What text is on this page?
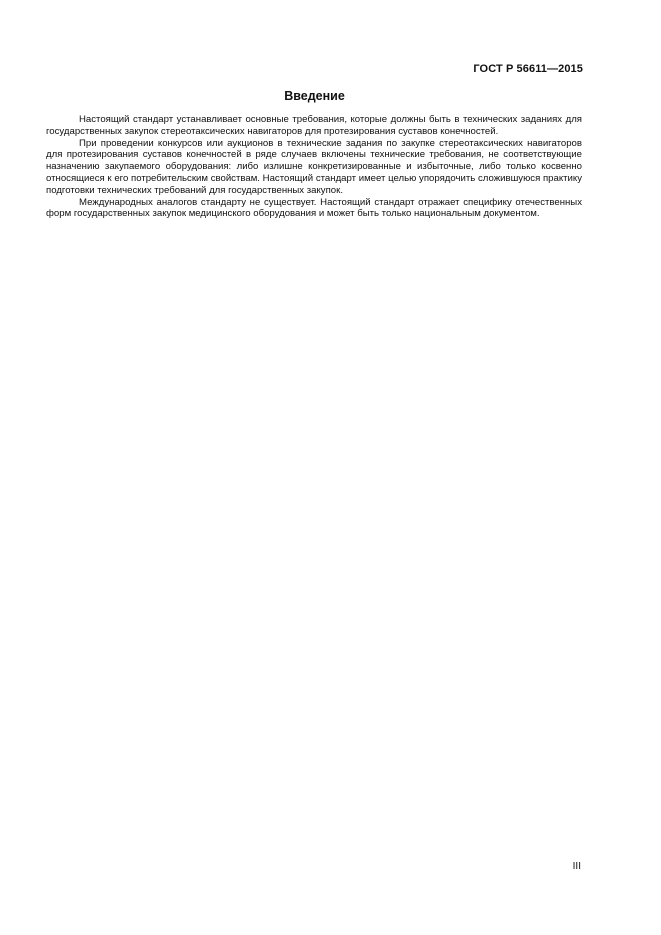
ГОСТ Р 56611—2015
Введение

Настоящий стандарт устанавливает основные требования, которые должны быть в технических заданиях для государственных закупок стереотаксических навигаторов для протезирования суставов конечностей.

При проведении конкурсов или аукционов в технические задания по закупке стереотаксических навигаторов для протезирования суставов конечностей в ряде случаев включены технические требования, не соответствующие назначению закупаемого оборудования: либо излишне конкретизированные и избыточные, либо только косвенно относящиеся к его потребительским свойствам. Настоящий стандарт имеет целью упорядочить сложившуюся практику подготовки технических требований для государственных закупок.

Международных аналогов стандарту не существует. Настоящий стандарт отражает специфику отечественных форм государственных закупок медицинского оборудования и может быть только национальным документом.

III
